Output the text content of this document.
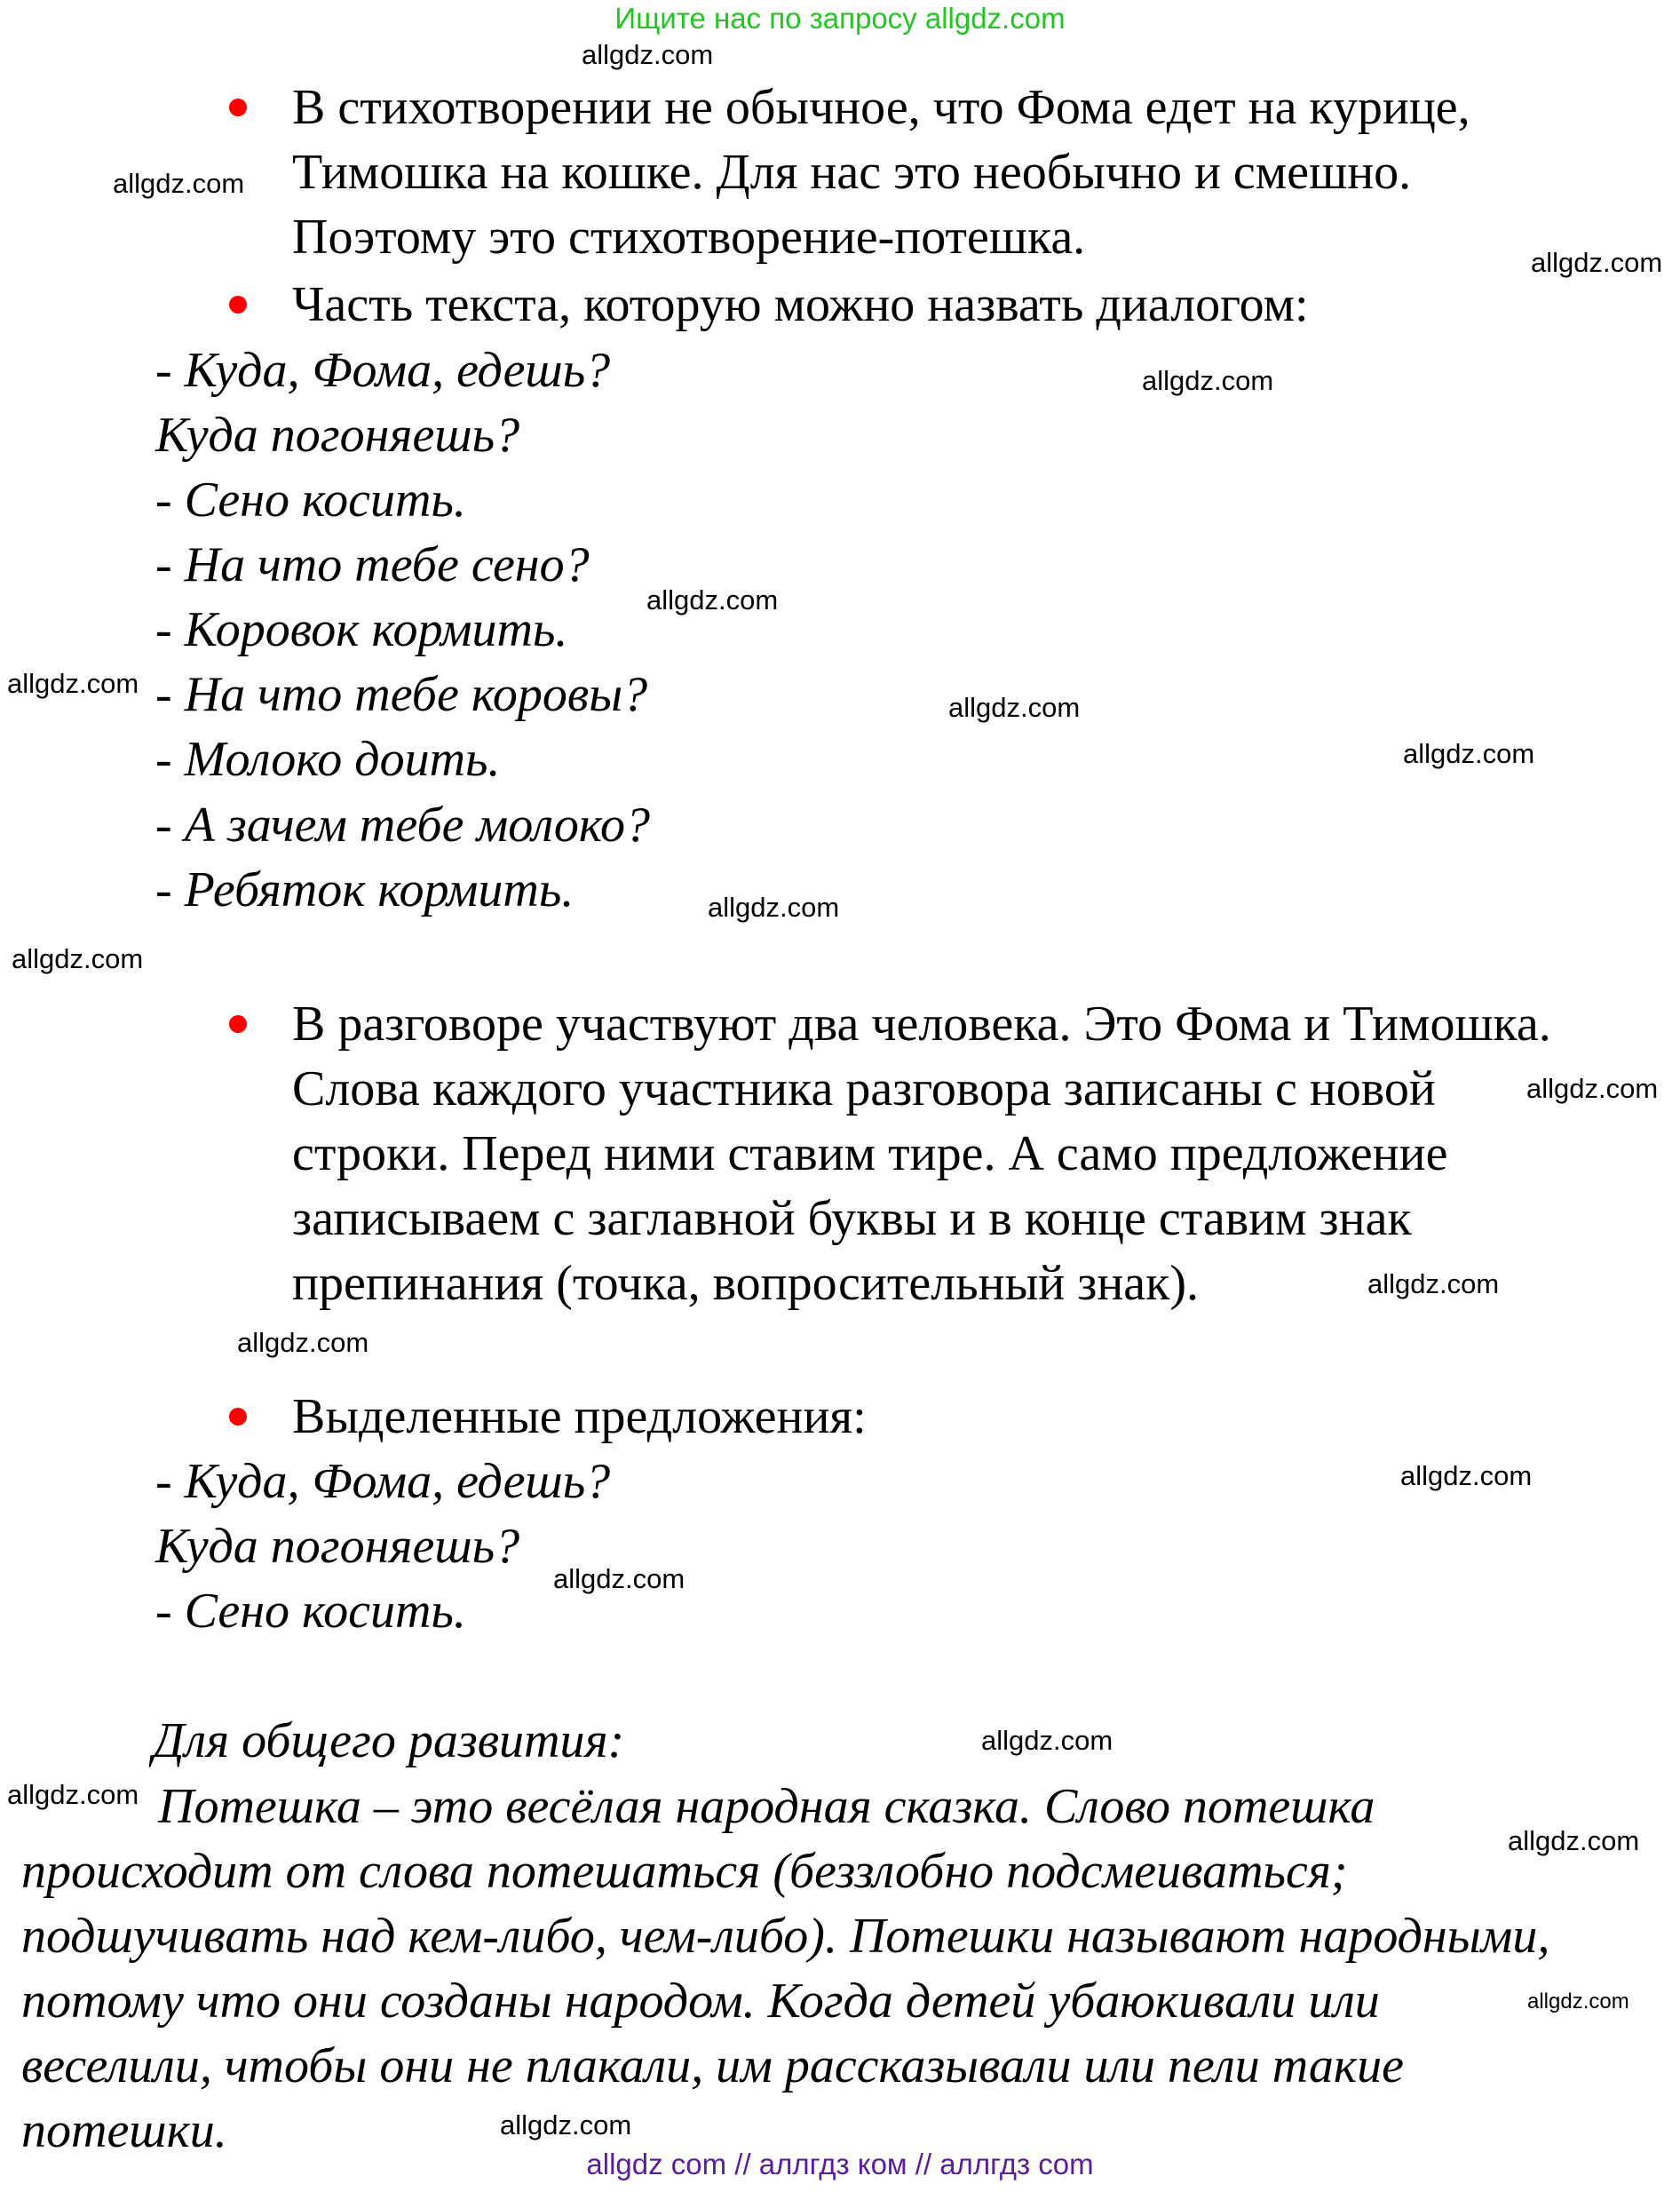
Ищите нас по запросу allgdz.com
В стихотворении не обычное, что Фома едет на курице,
Тимошка на кошке. Для нас это необычно и смешно.
Поэтому это стихотворение-потешка.
Часть текста, которую можно назвать диалогом:
- Куда, Фома, едешь?
Куда погоняешь?
- Сено косить.
- На что тебе сено?
- Коровок кормить.
- На что тебе коровы?
- Молоко доить.
- А зачем тебе молоко?
- Ребяток кормить.
В разговоре участвуют два человека. Это Фома и Тимошка.
Слова каждого участника разговора записаны с новой
строки. Перед ними ставим тире. А само предложение
записываем с заглавной буквы и в конце ставим знак
препинания (точка, вопросительный знак).
Выделенные предложения:
- Куда, Фома, едешь?
Куда погоняешь?
- Сено косить.
Для общего развития:
Потешка – это весёлая народная сказка. Слово потешка
происходит от слова потешаться (беззлобно подсмеиваться;
подшучивать над кем-либо, чем-либо). Потешки называют народными,
потому что они созданы народом. Когда детей убаюкивали или
веселили, чтобы они не плакали, им рассказывали или пели такие
потешки.
allgdz.com
allgdz.com
allgdz.com
allgdz.com
allgdz.com
allgdz.com
allgdz.com
allgdz.com
allgdz.com
allgdz.com
allgdz.com
allgdz.com
allgdz.com
allgdz.com
allgdz.com
allgdz.com
allgdz.com
allgdz.com
allgdz.com
allgdz.com
allgdz com // аллгдз ком // аллгдз com
